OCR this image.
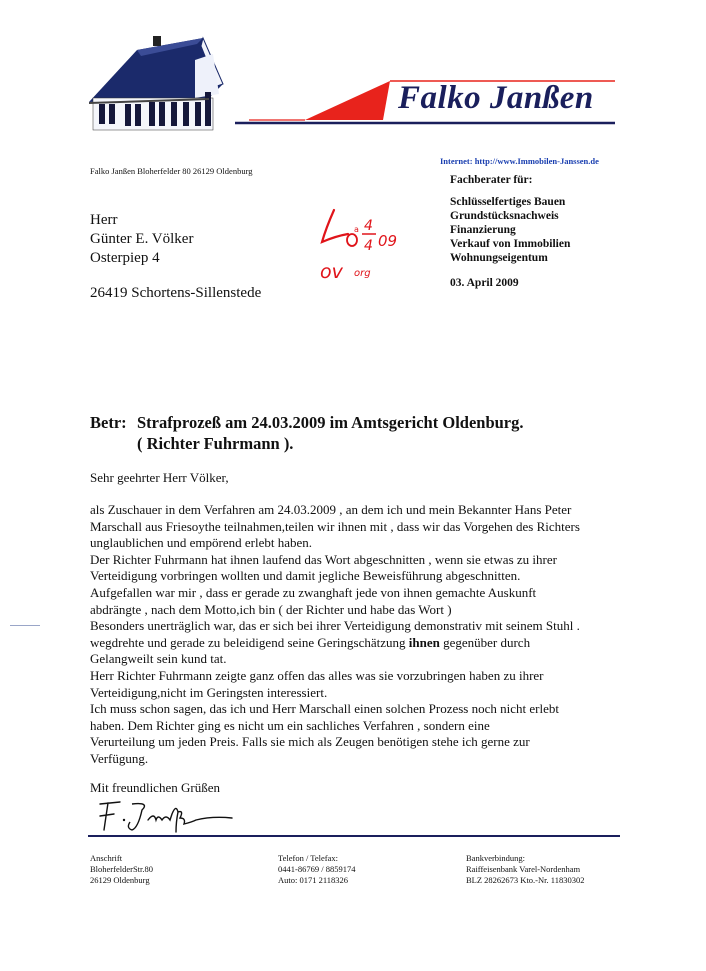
Falko Janßen
Falko Janßen Bloherfelder 80 26129 Oldenburg
Internet: http://www.Immobilen-Janssen.de
Fachberater für:
Schlüsselfertiges Bauen
Grundstücksnachweis
Finanzierung
Verkauf von Immobilien
Wohnungseigentum
03. April 2009
Herr
Günter E. Völker
Osterpiep 4
26419 Schortens-Sillenstede
a 4
4 09
ov org
Betr: Strafprozeß am 24.03.2009 im Amtsgericht Oldenburg.
( Richter Fuhrmann ).
Sehr geehrter Herr Völker,

als Zuschauer in dem Verfahren am 24.03.2009 , an dem ich und mein Bekannter Hans Peter

Marschall aus Friesoythe teilnahmen,teilen wir ihnen mit , dass wir das Vorgehen des Richters

unglaublichen und empörend erlebt haben.

Der Richter Fuhrmann hat ihnen laufend das Wort abgeschnitten , wenn sie etwas zu ihrer

Verteidigung vorbringen wollten und damit jegliche Beweisführung abgeschnitten.

Aufgefallen war mir , dass er gerade zu zwanghaft jede von ihnen gemachte Auskunft

abdrängte , nach dem Motto,ich bin ( der Richter und habe das Wort )

Besonders unerträglich war, das er sich bei ihrer Verteidigung demonstrativ mit seinem Stuhl .

wegdrehte und gerade zu beleidigend seine Geringschätzung ihnen gegenüber durch

Gelangweilt sein kund tat.

Herr Richter Fuhrmann zeigte ganz offen das alles was sie vorzubringen haben zu ihrer

Verteidigung,nicht im Geringsten interessiert.

Ich muss schon sagen, das ich und Herr Marschall einen solchen Prozess noch nicht erlebt

haben. Dem Richter ging es nicht um ein sachliches Verfahren , sondern eine

Verurteilung um jeden Preis. Falls sie mich als Zeugen benötigen stehe ich gerne zur

Verfügung.

Mit freundlichen Grüßen
Anschrift
BloherfelderStr.80
26129 Oldenburg
Telefon / Telefax:
0441-86769 / 8859174
Auto: 0171 2118326
Bankverbindung:
Raiffeisenbank Varel-Nordenham
BLZ 28262673 Kto.-Nr. 11830302
